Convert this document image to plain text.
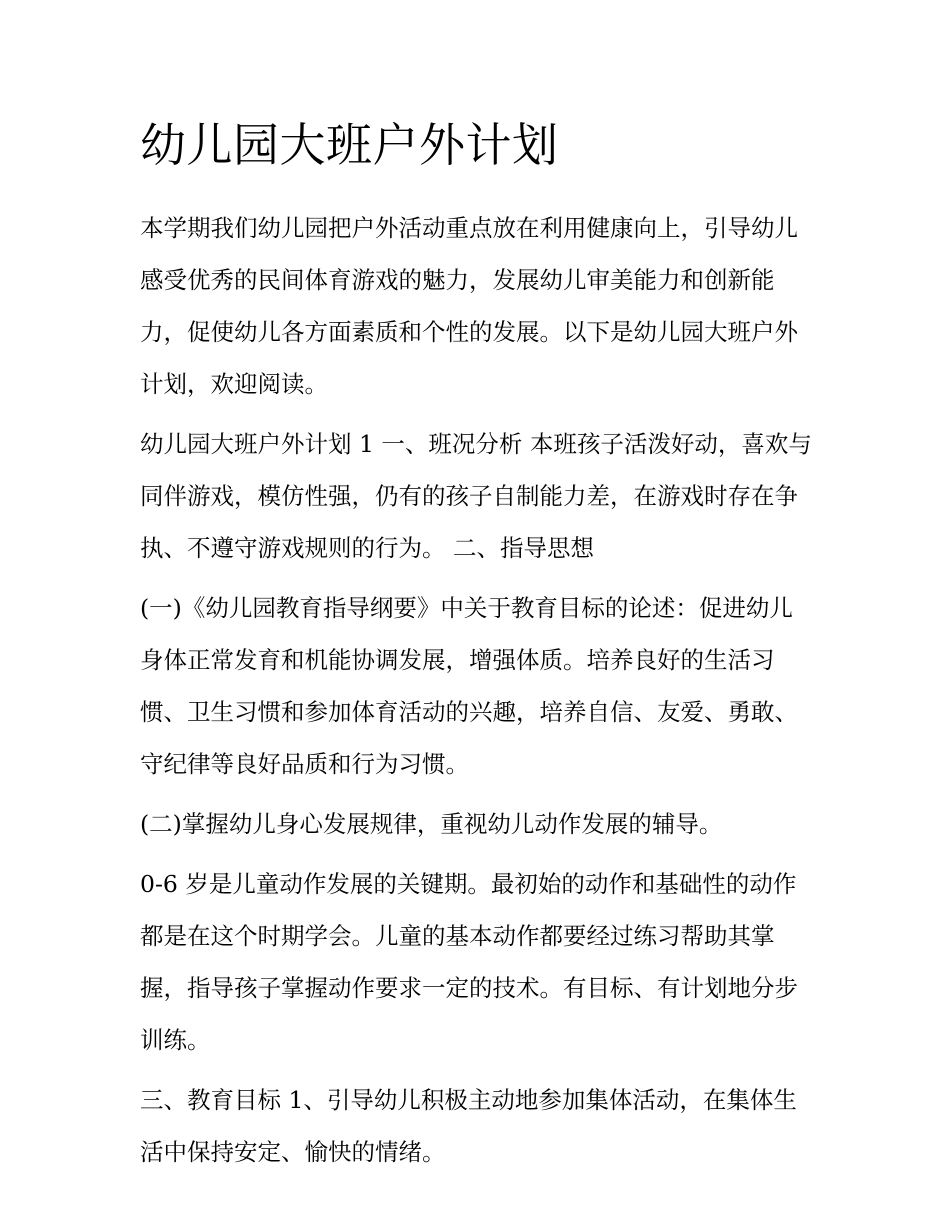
幼儿园大班户外计划

本学期我们幼儿园把户外活动重点放在利用健康向上，引导幼儿感受优秀的民间体育游戏的魅力，发展幼儿审美能力和创新能力，促使幼儿各方面素质和个性的发展。以下是幼儿园大班户外计划，欢迎阅读。

幼儿园大班户外计划 1 一、班况分析 本班孩子活泼好动，喜欢与同伴游戏，模仿性强，仍有的孩子自制能力差，在游戏时存在争执、不遵守游戏规则的行为。 二、指导思想

(一)《幼儿园教育指导纲要》中关于教育目标的论述：促进幼儿身体正常发育和机能协调发展，增强体质。培养良好的生活习惯、卫生习惯和参加体育活动的兴趣，培养自信、友爱、勇敢、守纪律等良好品质和行为习惯。

(二)掌握幼儿身心发展规律，重视幼儿动作发展的辅导。

0-6 岁是儿童动作发展的关键期。最初始的动作和基础性的动作都是在这个时期学会。儿童的基本动作都要经过练习帮助其掌握，指导孩子掌握动作要求一定的技术。有目标、有计划地分步训练。

三、教育目标 1、引导幼儿积极主动地参加集体活动，在集体生活中保持安定、愉快的情绪。
